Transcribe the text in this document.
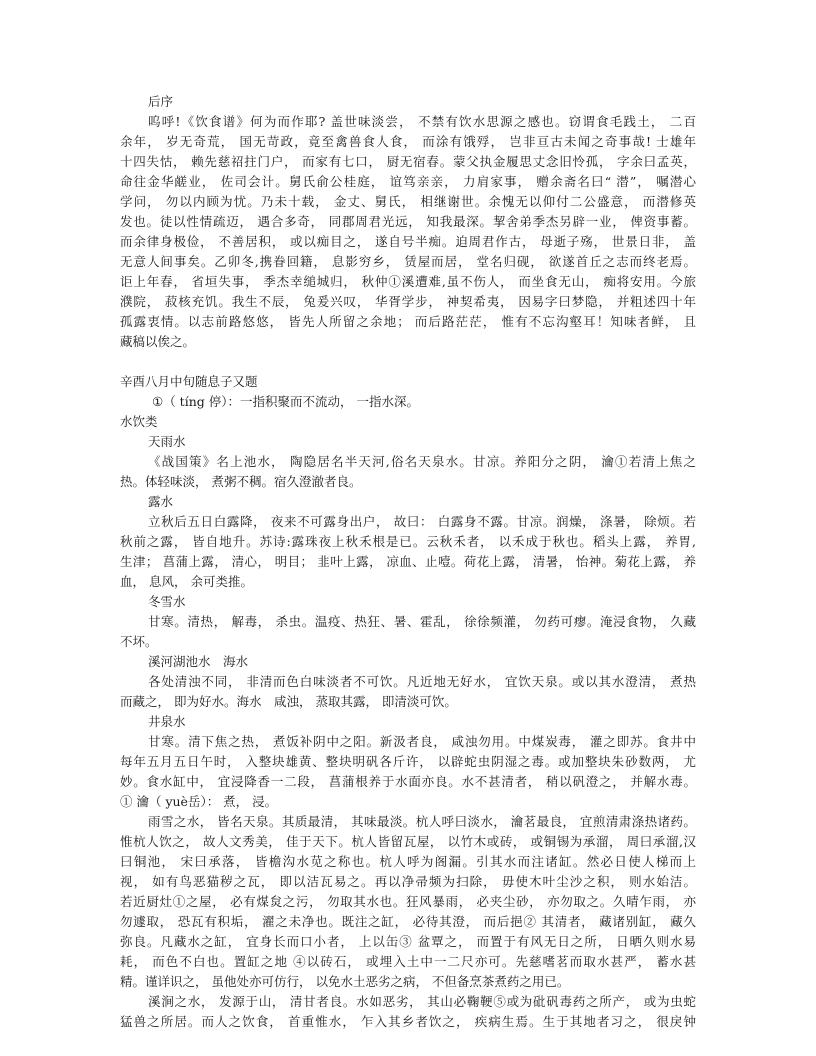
后序
呜呼!《饮食谱》何为而作耶? 盖世味淡尝， 不禁有饮水思源之感也。窃谓食毛践土， 二百
余年， 岁无奇荒， 国无苛政，竟至禽兽食人食， 而涂有饿殍， 岂非亘古未闻之奇事哉! 士雄年
十四失怙， 赖先慈祒拄门户， 而家有七口， 厨无宿春。蒙父执金履思丈念旧怜孤， 字余曰孟英，
命往金华鹾业， 佐司会计。舅氏俞公桂庭， 谊笃亲亲， 力肩家事， 赠余斋名曰“ 潜”， 嘱潜心
学问， 勿以内顾为忧。乃未十载， 金丈、舅氏， 相继谢世。余愧无以仰付二公盛意， 而潜修英
发也。徒以性情疏迈， 遇合多奇， 同郡周君光远， 知我最深。挈舍弟季杰另辟一业， 俾资事蓄。
而余律身极俭， 不善居积， 或以痴目之， 遂自号半痴。迫周君作古， 母逝子殇， 世景日非， 盖
无意人间事矣。乙卯冬,携眷回籍， 息影穷乡， 赁屋而居， 堂名归砚， 欲遂首丘之志而终老焉。
讵上年春， 省垣失事， 季杰幸缒城归， 秋仲①溪遭难,虽不伤人， 而坐食无山， 痴将安用。今旅
濮院， 菽核充饥。我生不辰， 兔爰兴叹， 华胥学步， 神契希夷， 因易字曰梦隐， 并粗述四十年
孤露衷情。以志前路悠悠， 皆先人所留之余地； 而后路茫茫， 惟有不忘沟壑耳！知味者鲜， 且
藏稿以俟之。
辛酉八月中旬随息子又题
①（ tíng 停）：一指积聚而不流动， 一指水深。
水饮类
天雨水
《战国策》名上池水， 陶隐居名半天河,俗名天泉水。甘凉。养阳分之阴， 瀹①若清上焦之
热。体轻味淡， 煮粥不稠。宿久澄澈者良。
露水
立秋后五日白露降， 夜来不可露身出户， 故曰： 白露身不露。甘凉。润燥， 涤暑， 除烦。若
秋前之露， 皆自地升。苏诗:露珠夜上秋禾根是已。云秋禾者， 以禾成于秋也。稻头上露， 养胃,
生津； 菖蒲上露， 清心， 明目； 韭叶上露， 凉血、止噎。荷花上露， 清暑， 怡神。菊花上露， 养
血， 息风， 余可类推。
冬雪水
甘寒。清热， 解毒， 杀虫。温疫、热狂、暑、霍乱， 徐徐频灌， 勿药可瘳。淹浸食物， 久藏
不坏。
溪河湖池水　海水
各处清浊不同， 非清而色白味淡者不可饮。凡近地无好水， 宜饮天泉。或以其水澄清， 煮热
而藏之， 即为好水。海水　咸浊， 蒸取其露， 即清淡可饮。
井泉水
甘寒。清下焦之热， 煮饭补阴中之阳。新汲者良， 咸浊勿用。中煤炭毒， 灌之即苏。食井中
每年五月五日午时， 入整块雄黄、整块明矾各斤许， 以辟蛇虫阴湿之毒。或加整块朱砂数两， 尤
妙。食水缸中， 宜浸降香一二段， 菖蒲根养于水面亦良。水不甚清者， 稍以矾澄之， 并解水毒。
① 瀹（ yuè岳）： 煮， 浸。
雨雪之水， 皆名天泉。其质最清， 其味最淡。杭人呼曰淡水， 瀹茗最良， 宜煎清肃涤热诸药。
惟杭人饮之， 故人文秀美， 佳于天下。杭人皆留瓦屋， 以竹木或砖， 或铜锡为承溜， 周曰承溜,汉
曰铜池， 宋曰承落， 皆檐沟水苋之称也。杭人呼为阁漏。引其水而注诸缸。然必日使人梯而上
视， 如有鸟恶猫秽之瓦， 即以洁瓦易之。再以净帚频为扫除， 毋使木叶尘沙之积， 则水始洁。
若近厨灶①之屋， 必有煤炱之污， 勿取其水也。狂风暴雨， 必夹尘砂， 亦勿取之。久晴乍雨， 亦
勿遽取， 恐瓦有积垢， 濯之未净也。既注之缸， 必待其澄， 而后挹② 其清者， 藏诸别缸， 藏久
弥良。凡藏水之缸， 宜身长而口小者， 上以缶③ 盆覃之， 而置于有风无日之所， 日晒久则水易
耗， 而色不白也。置缸之地 ④以砖石， 或埋入土中一二尺亦可。先慈嗜茗而取水甚严， 蓄水甚
精。谨详识之， 虽他处亦可仿行， 以免水土恶劣之病， 不但备烹茶煮药之用已。
溪涧之水， 发源于山， 清甘者良。水如恶劣， 其山必鞠鞕⑤或为砒矾毒药之所产， 或为虫蛇
猛兽之所居。而人之饮食， 首重惟水， 乍入其乡者饮之， 疾病生焉。生于其地者习之， 很戾钟
